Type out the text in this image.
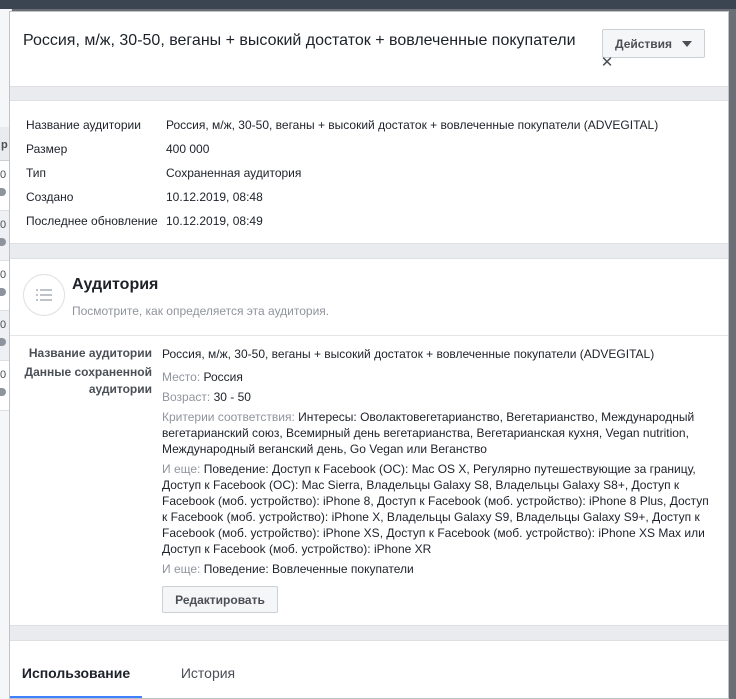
p
0
0
0
0
0
Россия, м/ж, 30-50, веганы + высокий достаток + вовлеченные покупатели	Действия
✕
Название аудитории	Россия, м/ж, 30-50, веганы + высокий достаток + вовлеченные покупатели (ADVEGITAL)
Размер	400 000
Тип	Сохраненная аудитория
Создано	10.12.2019, 08:48
Последнее обновление 10.12.2019, 08:49
Аудитория
Посмотрите, как определяется эта аудитория.
Название аудитории Россия, м/ж, 30-50, веганы + высокий достаток + вовлеченные покупатели (ADVEGITAL)
Данные сохраненной аудитории
Место: Россия
Возраст: 30 - 50
Критерии соответствия: Интересы: Оволактовегетарианство, Вегетарианство, Международный вегетарианский союз, Всемирный день вегетарианства, Вегетарианская кухня, Vegan nutrition, Международный веганский день, Go Vegan или Веганство
И еще: Поведение: Доступ к Facebook (ОС): Mac OS X, Регулярно путешествующие за границу, Доступ к Facebook (ОС): Mac Sierra, Владельцы Galaxy S8, Владельцы Galaxy S8+, Доступ к Facebook (моб. устройство): iPhone 8, Доступ к Facebook (моб. устройство): iPhone 8 Plus, Доступ к Facebook (моб. устройство): iPhone X, Владельцы Galaxy S9, Владельцы Galaxy S9+, Доступ к Facebook (моб. устройство): iPhone XS, Доступ к Facebook (моб. устройство): iPhone XS Max или Доступ к Facebook (моб. устройство): iPhone XR
И еще: Поведение: Вовлеченные покупатели
Редактировать
Использование	История
